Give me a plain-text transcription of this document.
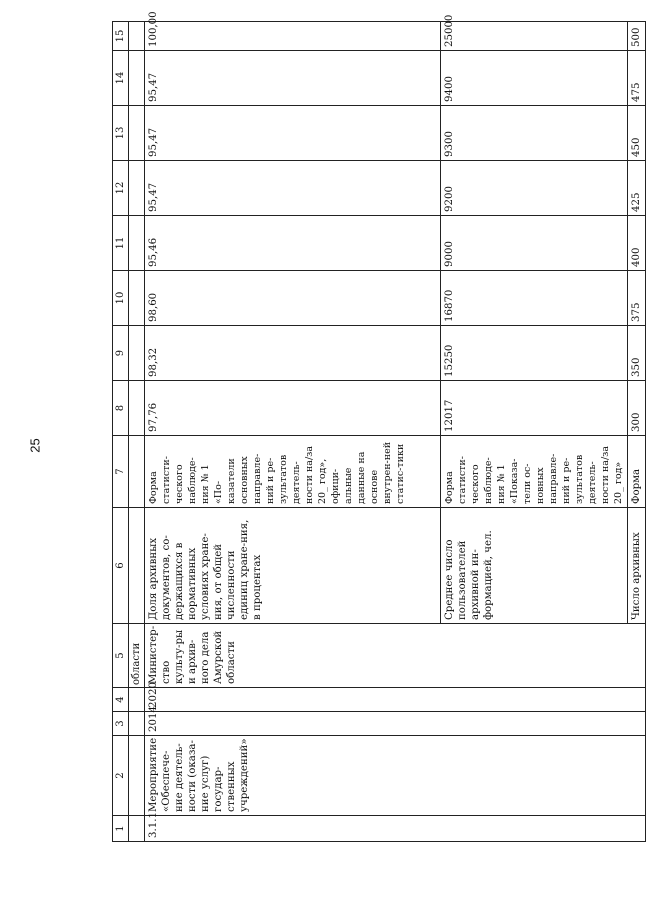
25
1	2	3	4	5	6	7	8	9	10	11	12	13	14	15
				области										
3.1.1	Мероприятие «Обеспече-ние деятель-ности (оказа-ние услуг) государ-ственных учреждений»	2014	2020	Министер-ство культу-ры и архив-ного дела Амурской области	Доля архивных документов, со-держащихся в нормативных условиях хране-ния, от общей численности единиц хране-ния, в процентах	Форма статисти-ческого наблюде-ния № 1 «По-казатели основных направле-ний и ре-зультатов деятель-ности на/за 20_ год», офици-альные данные на основе внутрен-ней статис-тики	97,76	98,32	98,60	95,46	95,47	95,47	95,47	100,00
					Среднее число пользователей архивной ин-формацией, чел.	Форма статисти-ческого наблюде-ния № 1 «Показа-тели ос-новных направле-ний и ре-зультатов деятель-ности на/за 20_ год»	12017	15250	16870	9000	9200	9300	9400	25000
					Число архивных	Форма	300	350	375	400	425	450	475	500
